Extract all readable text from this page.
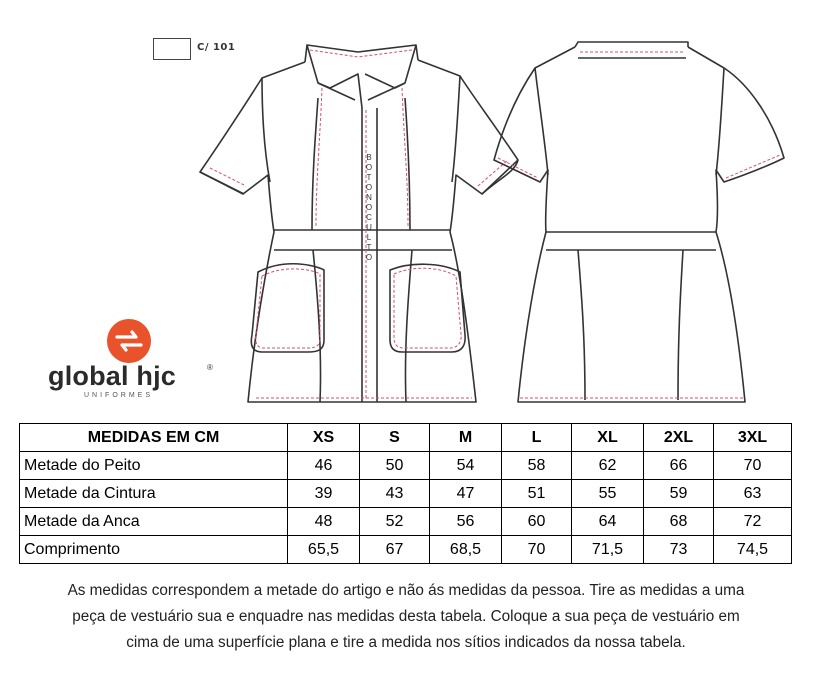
C/ 101
B
O
T
O
N
O
C
U
L
T
O
global hjc	®
UNIFORMES
MEDIDAS EM CM	XS	S	M	L	XL	2XL	3XL
Metade do Peito	46	50	54	58	62	66	70
Metade da Cintura	39	43	47	51	55	59	63
Metade da Anca	48	52	56	60	64	68	72
Comprimento	65,5	67	68,5	70	71,5	73	74,5
As medidas correspondem a metade do artigo e não ás medidas da pessoa. Tire as medidas a uma
peça de vestuário sua e enquadre nas medidas desta tabela. Coloque a sua peça de vestuário em
cima de uma superfície plana e tire a medida nos sítios indicados da nossa tabela.
